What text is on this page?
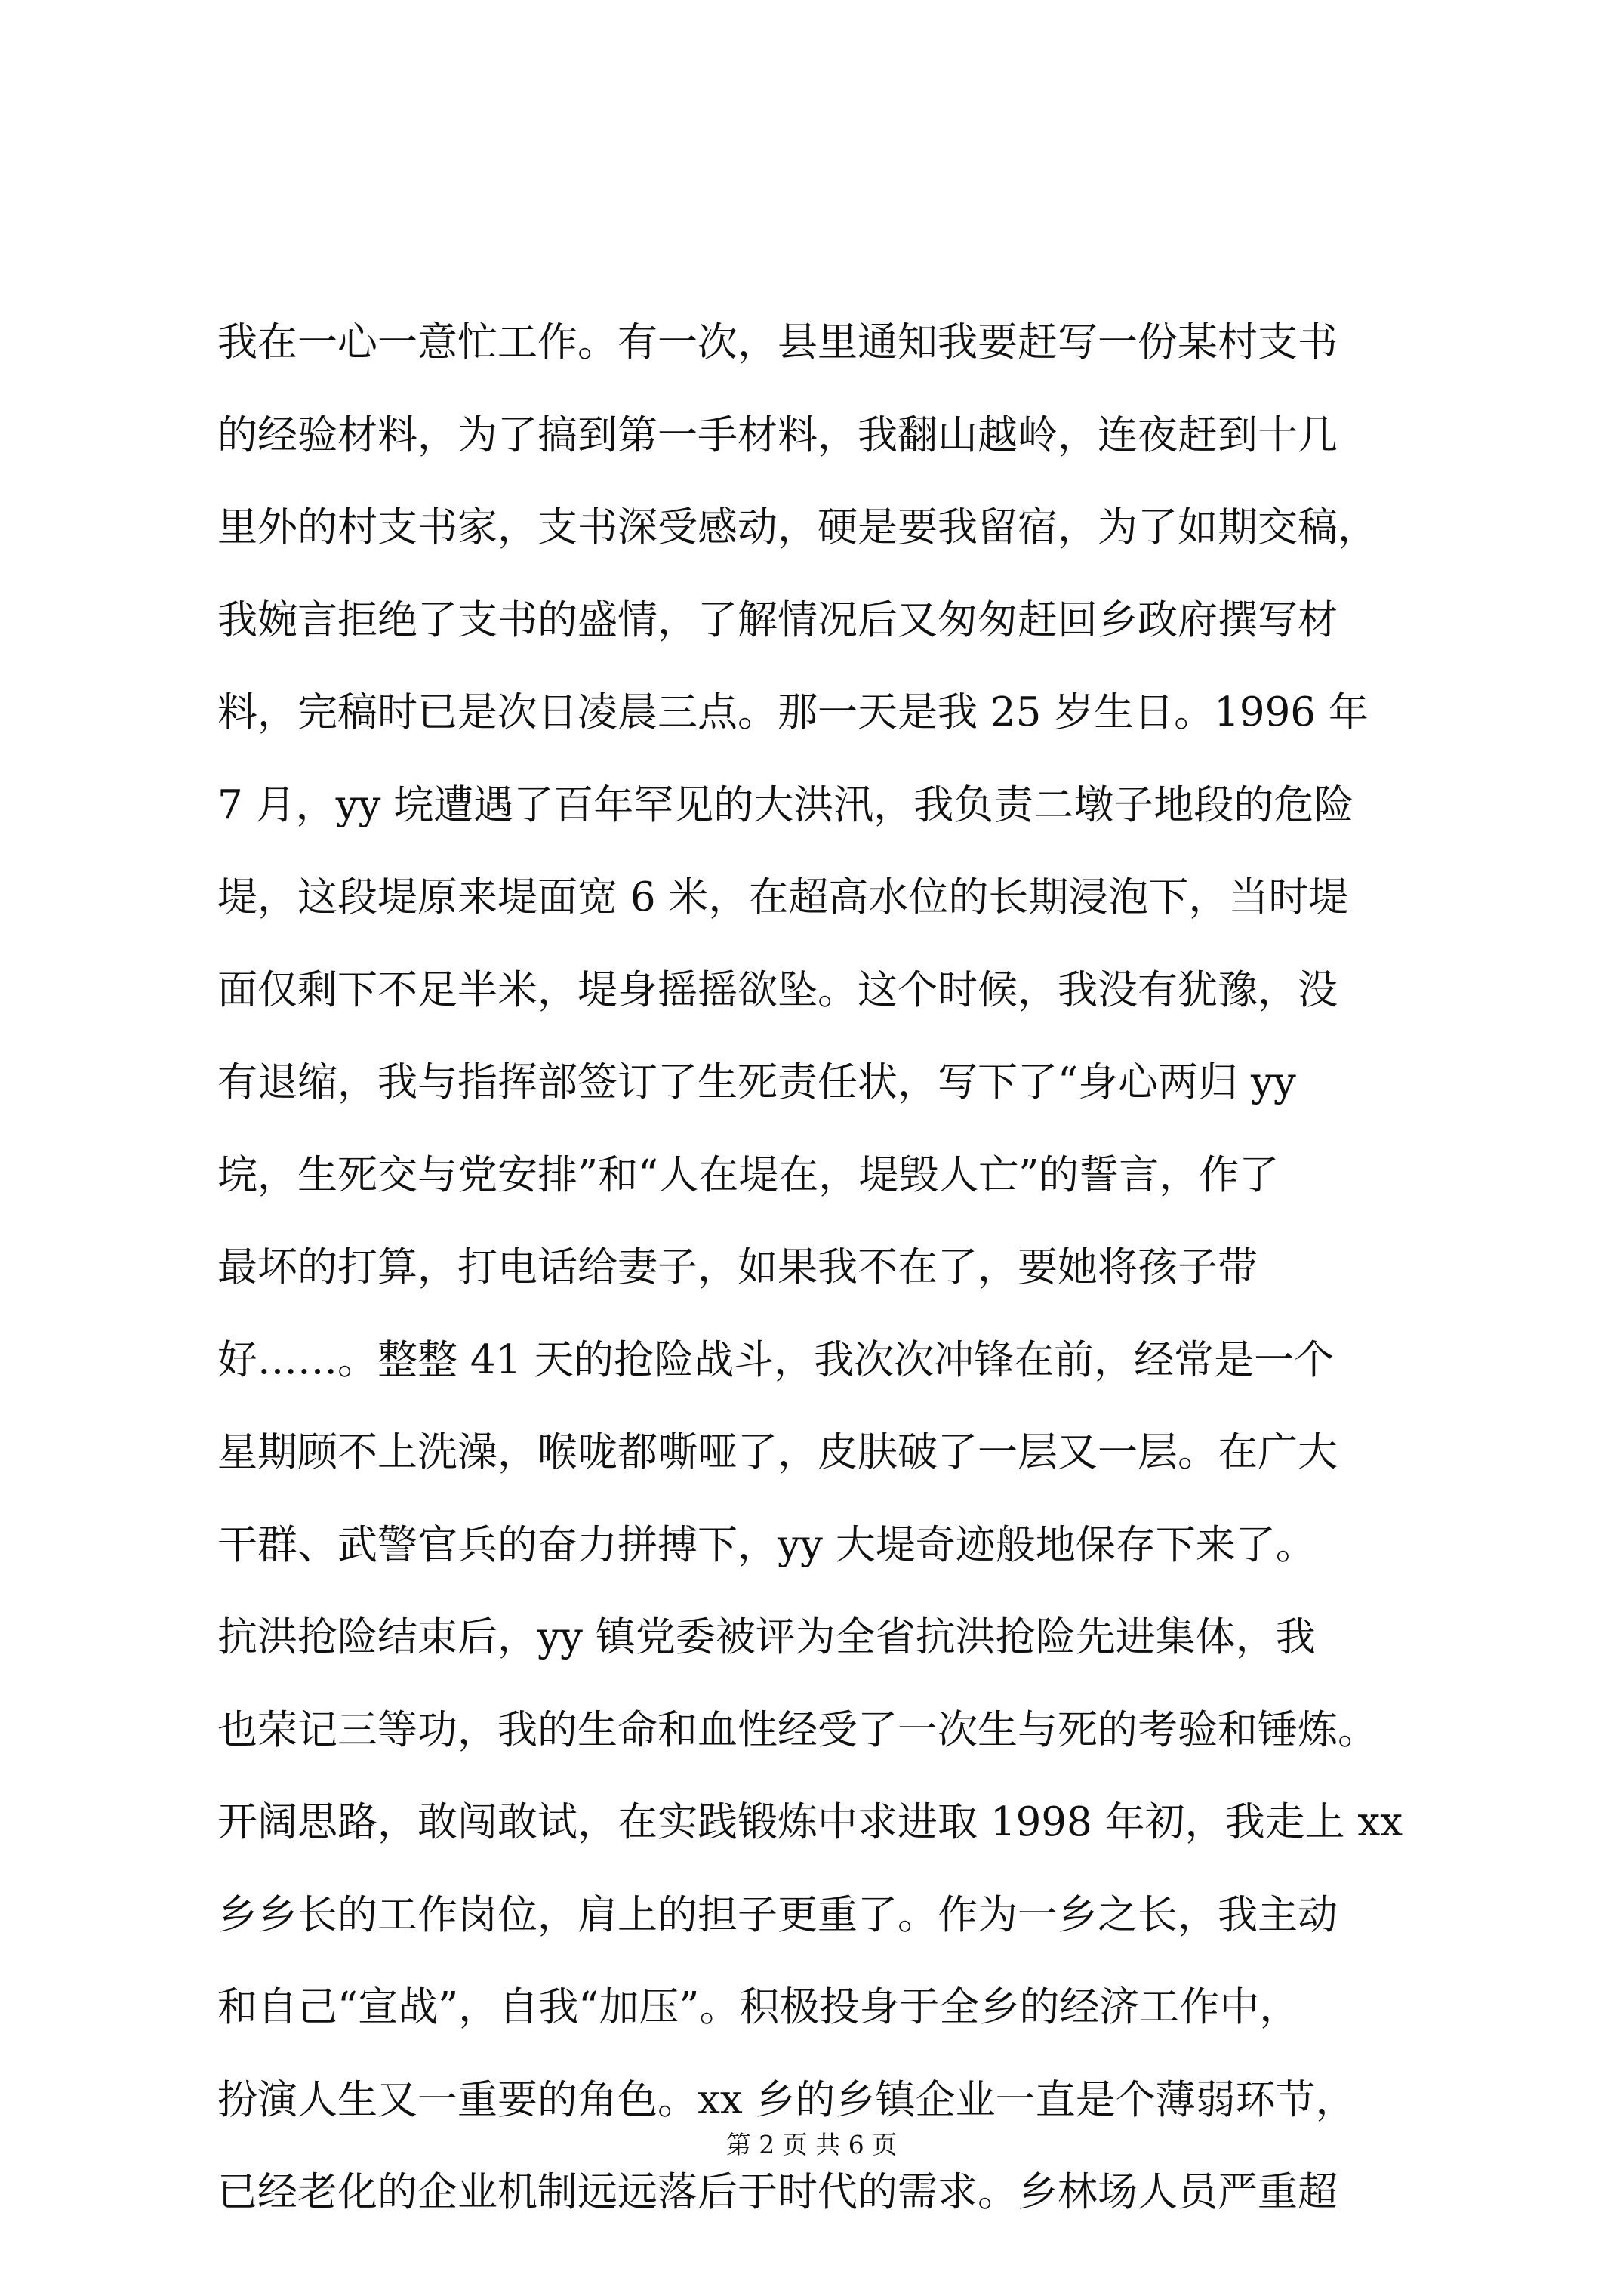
我在一心一意忙工作。有一次，县里通知我要赶写一份某村支书
的经验材料，为了搞到第一手材料，我翻山越岭，连夜赶到十几
里外的村支书家，支书深受感动，硬是要我留宿，为了如期交稿，
我婉言拒绝了支书的盛情，了解情况后又匆匆赶回乡政府撰写材
料，完稿时已是次日凌晨三点。那一天是我 25 岁生日。1996 年
7 月，yy 垸遭遇了百年罕见的大洪汛，我负责二墩子地段的危险
堤，这段堤原来堤面宽 6 米，在超高水位的长期浸泡下，当时堤
面仅剩下不足半米，堤身摇摇欲坠。这个时候，我没有犹豫，没
有退缩，我与指挥部签订了生死责任状，写下了“身心两归 yy
垸，生死交与党安排”和“人在堤在，堤毁人亡”的誓言，作了
最坏的打算，打电话给妻子，如果我不在了，要她将孩子带
好……。整整 41 天的抢险战斗，我次次冲锋在前，经常是一个
星期顾不上洗澡，喉咙都嘶哑了，皮肤破了一层又一层。在广大
干群、武警官兵的奋力拼搏下，yy 大堤奇迹般地保存下来了。
抗洪抢险结束后，yy 镇党委被评为全省抗洪抢险先进集体，我
也荣记三等功，我的生命和血性经受了一次生与死的考验和锤炼。
开阔思路，敢闯敢试，在实践锻炼中求进取 1998 年初，我走上 xx
乡乡长的工作岗位，肩上的担子更重了。作为一乡之长，我主动
和自己“宣战”，自我“加压”。积极投身于全乡的经济工作中，
扮演人生又一重要的角色。xx 乡的乡镇企业一直是个薄弱环节，
已经老化的企业机制远远落后于时代的需求。乡林场人员严重超
第 2 页 共 6 页
